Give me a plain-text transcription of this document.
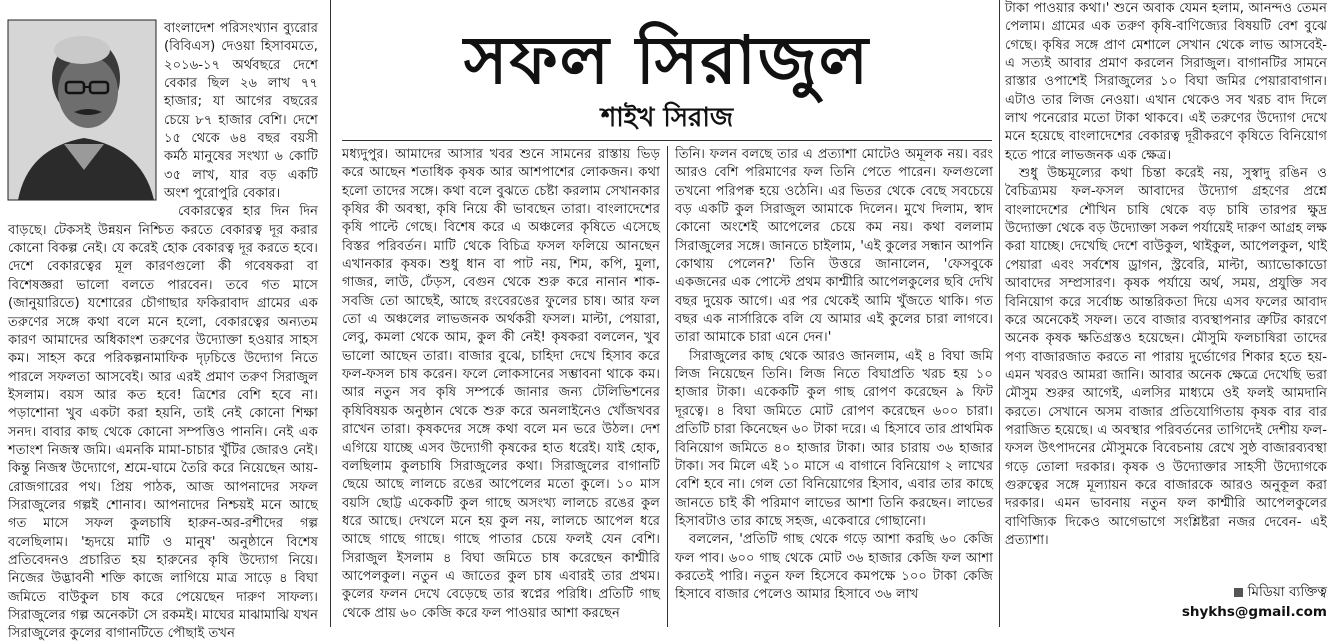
বাংলাদেশ পরিসংখ্যান ব্যুরোর (বিবিএস) দেওয়া হিসাবমতে, ২০১৬-১৭ অর্থবছরে দেশে বেকার ছিল ২৬ লাখ ৭৭ হাজার; যা আগের বছরের চেয়ে ৮৭ হাজার বেশি। দেশে ১৫ থেকে ৬৪ বছর বয়সী কর্মঠ মানুষের সংখ্যা ৬ কোটি ৩৫ লাখ, যার বড় একটি অংশ পুরোপুরি বেকার।

বেকারত্বের হার দিন দিন বাড়ছে। টেকসই উন্নয়ন নিশ্চিত করতে বেকারত্ব দূর করার কোনো বিকল্প নেই। যে করেই হোক বেকারত্ব দূর করতে হবে। দেশে বেকারত্বের মূল কারণগুলো কী গবেষকরা বা বিশেষজ্ঞরা ভালো বলতে পারবেন। তবে গত মাসে (জানুয়ারিতে) যশোরের চৌগাছার ফকিরাবাদ গ্রামের এক তরুণের সঙ্গে কথা বলে মনে হলো, বেকারত্বের অন্যতম কারণ আমাদের অধিকাংশ তরুণের উদ্যোক্তা হওয়ার সাহস কম। সাহস করে পরিকল্পনামাফিক দৃঢ়চিত্তে উদ্যোগ নিতে পারলে সফলতা আসবেই। আর এরই প্রমাণ তরুণ সিরাজুল ইসলাম। বয়স আর কত হবে! ত্রিশের বেশি হবে না। পড়াশোনা খুব একটা করা হয়নি, তাই নেই কোনো শিক্ষা সনদ। বাবার কাছ থেকে কোনো সম্পত্তিও পাননি। নেই এক শতাংশ নিজস্ব জমি। এমনকি মামা-চাচার খুঁটির জোরও নেই। কিন্তু নিজস্ব উদ্যোগে, শ্রমে-ঘামে তৈরি করে নিয়েছেন আয়-রোজগারের পথ। প্রিয় পাঠক, আজ আপনাদের সফল সিরাজুলের গল্পই শোনাব। আপনাদের নিশ্চয়ই মনে আছে গত মাসে সফল কুলচাষি হারুন-অর-রশীদের গল্প বলেছিলাম। 'হৃদয়ে মাটি ও মানুষ' অনুষ্ঠানে বিশেষ প্রতিবেদনও প্রচারিত হয় হারুনের কৃষি উদ্যোগ নিয়ে। নিজের উদ্ভাবনী শক্তি কাজে লাগিয়ে মাত্র সাড়ে ৪ বিঘা জমিতে বাউকুল চাষ করে পেয়েছেন দারুণ সাফল্য। সিরাজুলের গল্প অনেকটা সে রকমই। মাঘের মাঝামাঝি যখন সিরাজুলের কুলের বাগানটিতে পৌছাই তখন

সফল সিরাজুল
শাইখ সিরাজ

মধ্যদুপুর। আমাদের আসার খবর শুনে সামনের রাস্তায় ভিড় করে আছেন শতাধিক কৃষক আর আশপাশের লোকজন। কথা হলো তাদের সঙ্গে। কথা বলে বুঝতে চেষ্টা করলাম সেখানকার কৃষির কী অবস্থা, কৃষি নিয়ে কী ভাবছেন তারা। বাংলাদেশের কৃষি পাল্টে গেছে। বিশেষ করে এ অঞ্চলের কৃষিতে এসেছে বিস্তর পরিবর্তন। মাটি থেকে বিচিত্র ফসল ফলিয়ে আনছেন এখানকার কৃষক। শুধু ধান বা পাট নয়, শিম, কপি, মুলা, গাজর, লাউ, ঢেঁড়স, বেগুন থেকে শুরু করে নানান শাক-সবজি তো আছেই, আছে রংবেরঙের ফুলের চাষ। আর ফল তো এ অঞ্চলের লাভজনক অর্থকরী ফসল। মাল্টা, পেয়ারা, লেবু, কমলা থেকে আম, কুল কী নেই! কৃষকরা বললেন, খুব ভালো আছেন তারা। বাজার বুঝে, চাহিদা দেখে হিসাব করে ফল-ফসল চাষ করেন। ফলে লোকসানের সম্ভাবনা থাকে কম। আর নতুন সব কৃষি সম্পর্কে জানার জন্য টেলিভিশনের কৃষিবিষয়ক অনুষ্ঠান থেকে শুরু করে অনলাইনেও খোঁজখবর রাখেন তারা। কৃষকদের সঙ্গে কথা বলে মন ভরে উঠল। দেশ এগিয়ে যাচ্ছে এসব উদ্যোগী কৃষকের হাত ধরেই। যাই হোক, বলছিলাম কুলচাষি সিরাজুলের কথা। সিরাজুলের বাগানটি ছেয়ে আছে লালচে রঙের আপেলের মতো কুলে। ১০ মাস বয়সি ছোট্ট একেকটি কুল গাছে অসংখ্য লালচে রঙের কুল ধরে আছে। দেখলে মনে হয় কুল নয়, লালচে আপেল ধরে আছে গাছে গাছে। গাছে পাতার চেয়ে ফলই যেন বেশি। সিরাজুল ইসলাম ৪ বিঘা জমিতে চাষ করেছেন কাশ্মীরি আপেলকুল। নতুন এ জাতের কুল চাষ এবারই তার প্রথম। কুলের ফলন দেখে বেড়েছে তার স্বপ্নের পরিধি। প্রতিটি গাছ থেকে প্রায় ৬০ কেজি করে ফল পাওয়ার আশা করছেন

তিনি। ফলন বলছে তার এ প্রত্যাশা মোটেও অমূলক নয়। বরং আরও বেশি পরিমাণের ফল তিনি পেতে পারেন। ফলগুলো তখনো পরিপক্ব হয়ে ওঠেনি। এর ভিতর থেকে বেছে সবচেয়ে বড় একটি কুল সিরাজুল আমাকে দিলেন। মুখে দিলাম, স্বাদ কোনো অংশেই আপেলের চেয়ে কম নয়। কথা বললাম সিরাজুলের সঙ্গে। জানতে চাইলাম, 'এই কুলের সন্ধান আপনি কোথায় পেলেন?' তিনি উত্তরে জানালেন, 'ফেসবুকে একজনের এক পোস্টে প্রথম কাশ্মীরি আপেলকুলের ছবি দেখি বছর দুয়েক আগে। এর পর থেকেই আমি খুঁজতে থাকি। গত বছর এক নার্সারিকে বলি যে আমার এই কুলের চারা লাগবে। তারা আমাকে চারা এনে দেন।'

সিরাজুলের কাছ থেকে আরও জানলাম, এই ৪ বিঘা জমি লিজ নিয়েছেন তিনি। লিজ নিতে বিঘাপ্রতি খরচ হয় ১০ হাজার টাকা। একেকটি কুল গাছ রোপণ করেছেন ৯ ফিট দূরত্বে। ৪ বিঘা জমিতে মোট রোপণ করেছেন ৬০০ চারা। প্রতিটি চারা কিনেছেন ৬০ টাকা দরে। এ হিসাবে তার প্রাথমিক বিনিয়োগ জমিতে ৪০ হাজার টাকা। আর চারায় ৩৬ হাজার টাকা। সব মিলে এই ১০ মাসে এ বাগানে বিনিয়োগ ২ লাখের বেশি হবে না। গেল তো বিনিয়োগের হিসাব, এবার তার কাছে জানতে চাই কী পরিমাণ লাভের আশা তিনি করছেন। লাভের হিসাবটাও তার কাছে সহজ, একেবারে গোছানো।

বললেন, 'প্রতিটি গাছ থেকে গড়ে আশা করছি ৬০ কেজি ফল পাব। ৬০০ গাছ থেকে মোট ৩৬ হাজার কেজি ফল আশা করতেই পারি। নতুন ফল হিসেবে কমপক্ষে ১০০ টাকা কেজি হিসাবে বাজার পেলেও আমার হিসাবে ৩৬ লাখ

টাকা পাওয়ার কথা।' শুনে অবাক যেমন হলাম, আনন্দও তেমন পেলাম। গ্রামের এক তরুণ কৃষি-বাণিজ্যের বিষয়টি বেশ বুঝে গেছে। কৃষির সঙ্গে প্রাণ মেশালে সেখান থেকে লাভ আসবেই- এ সত্যই আবার প্রমাণ করলেন সিরাজুল। বাগানটির সামনে রাস্তার ওপাশেই সিরাজুলের ১০ বিঘা জমির পেয়ারাবাগান। এটাও তার লিজ নেওয়া। এখান থেকেও সব খরচ বাদ দিলে লাখ পনেরোর মতো টাকা থাকবে। এই তরুণের উদ্যোগ দেখে মনে হয়েছে বাংলাদেশের বেকারত্ব দূরীকরণে কৃষিতে বিনিয়োগ হতে পারে লাভজনক এক ক্ষেত্র।

শুধু উচ্চমূল্যের কথা চিন্তা করেই নয়, সুস্বাদু রঙিন ও বৈচিত্র্যময় ফল-ফসল আবাদের উদ্যোগ গ্রহণের প্রশ্নে বাংলাদেশের শৌখিন চাষি থেকে বড় চাষি তারপর ক্ষুদ্র উদ্যোক্তা থেকে বড় উদ্যোক্তা সকল পর্যায়েই দারুণ আগ্রহ লক্ষ করা যাচ্ছে। দেখেছি দেশে বাউকুল, থাইকুল, আপেলকুল, থাই পেয়ারা এবং সর্বশেষ ড্রাগন, স্ট্রবেরি, মাল্টা, অ্যাভোকাডো আবাদের সম্প্রসারণ। কৃষক পর্যায়ে অর্থ, সময়, প্রযুক্তি সব বিনিয়োগ করে সর্বোচ্চ আন্তরিকতা দিয়ে এসব ফলের আবাদ করে অনেকেই সফল। তবে বাজার ব্যবস্থাপনার ত্রুটির কারণে অনেক কৃষক ক্ষতিগ্রস্তও হয়েছেন। মৌসুমি ফলচাষিরা তাদের পণ্য বাজারজাত করতে না পারায় দুর্ভোগের শিকার হতে হয়- এমন খবরও আমরা জানি। আবার অনেক ক্ষেত্রে দেখেছি ভরা মৌসুম শুরুর আগেই, এলসির মাধ্যমে ওই ফলই আমদানি করতে। সেখানে অসম বাজার প্রতিযোগিতায় কৃষক বার বার পরাজিত হয়েছে। এ অবস্থার পরিবর্তনের তাগিদেই দেশীয় ফল-ফসল উৎপাদনের মৌসুমকে বিবেচনায় রেখে সুষ্ঠ বাজারব্যবস্থা গড়ে তোলা দরকার। কৃষক ও উদ্যোক্তার সাহসী উদ্যোগকে গুরুত্বের সঙ্গে মূল্যায়ন করে বাজারকে আরও অনুকূল করা দরকার। এমন ভাবনায় নতুন ফল কাশ্মীরি আপেলকুলের বাণিজ্যিক দিকেও আগেভাগে সংশ্লিষ্টরা নজর দেবেন- এই প্রত্যাশা।

মিডিয়া ব্যক্তিত্ব
shykhs@gmail.com
